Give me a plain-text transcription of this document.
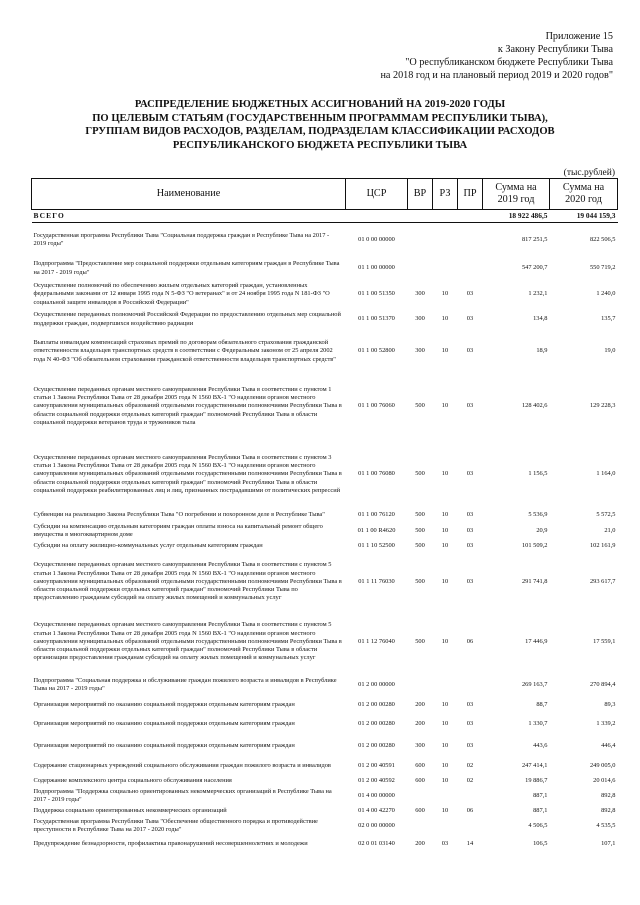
Приложение 15
к Закону Республики Тыва
"О республиканском бюджете Республики Тыва
на 2018 год и на плановый период 2019 и 2020 годов"
РАСПРЕДЕЛЕНИЕ БЮДЖЕТНЫХ АССИГНОВАНИЙ НА 2019-2020 ГОДЫ
ПО ЦЕЛЕВЫМ СТАТЬЯМ (ГОСУДАРСТВЕННЫМ ПРОГРАММАМ РЕСПУБЛИКИ ТЫВА),
ГРУППАМ ВИДОВ РАСХОДОВ, РАЗДЕЛАМ, ПОДРАЗДЕЛАМ КЛАССИФИКАЦИИ РАСХОДОВ
РЕСПУБЛИКАНСКОГО БЮДЖЕТА РЕСПУБЛИКИ ТЫВА
(тыс.рублей)
Наименование	ЦСР	ВР	РЗ	ПР	Сумма на 2019 год	Сумма на 2020 год
ВСЕГО					18 922 486,5	19 044 159,3
Государственная программа Республики Тыва "Социальная поддержка граждан в Республике Тыва на 2017 - 2019 годы"	01 0 00 00000				817 251,5	822 506,5
Подпрограмма "Предоставление мер социальной поддержки отдельным категориям граждан в Республике Тыва на 2017 - 2019 годы"	01 1 00 00000				547 200,7	550 719,2
Осуществление полномочий по обеспечению жильем отдельных категорий граждан, установленных федеральными законами от 12 января 1995 года N 5-ФЗ "О ветеранах" и от 24 ноября 1995 года N 181-ФЗ "О социальной защите инвалидов в Российской Федерации"	01 1 00 51350	300	10	03	1 232,1	1 240,0
Осуществление переданных полномочий Российской Федерации по предоставлению отдельных мер социальной поддержки граждан, подвергшихся воздействию радиации	01 1 00 51370	300	10	03	134,8	135,7
Выплаты инвалидам компенсаций страховых премий по договорам обязательного страхования гражданской ответственности владельцев транспортных средств в соответствии с Федеральным законом от 25 апреля 2002 года N 40-ФЗ "Об обязательном страховании гражданской ответственности владельцев транспортных средств"	01 1 00 52800	300	10	03	18,9	19,0
Осуществление переданных органам местного самоуправления Республики Тыва в соответствии с пунктом 1 статьи 1 Закона Республики Тыва от 28 декабря 2005 года N 1560 ВХ-1 "О наделении органов местного самоуправления муниципальных образований отдельными государственными полномочиями Республики Тыва в области социальной поддержки отдельных категорий граждан" полномочий Республики Тыва в области социальной поддержки ветеранов труда и тружеников тыла	01 1 00 76060	500	10	03	128 402,6	129 228,3
Осуществление переданных органам местного самоуправления Республики Тыва в соответствии с пунктом 3 статьи 1 Закона Республики Тыва от 28 декабря 2005 года N 1560 ВХ-1 "О наделении органов местного самоуправления муниципальных образований отдельными государственными полномочиями Республики Тыва в области социальной поддержки отдельных категорий граждан" полномочий Республики Тыва в области социальной поддержки реабилитированных лиц и лиц, признанных пострадавшими от политических репрессий	01 1 00 76080	500	10	03	1 156,5	1 164,0
Субвенции на реализацию Закона Республики Тыва "О погребении и похоронном деле в Республике Тыва"	01 1 00 76120	500	10	03	5 536,9	5 572,5
Субсидии на компенсацию отдельным категориям граждан оплаты взноса на капитальный ремонт общего имущества в многоквартирном доме	01 1 00 R4620	500	10	03	20,9	21,0
Субсидии на оплату жилищно-коммунальных услуг отдельным категориям граждан	01 1 10 52500	500	10	03	101 509,2	102 161,9
Осуществление переданных органам местного самоуправления Республики Тыва в соответствии с пунктом 5 статьи 1 Закона Республики Тыва от 28 декабря 2005 года N 1560 ВХ-1 "О наделении органов местного самоуправления муниципальных образований отдельными государственными полномочиями Республики Тыва в области социальной поддержки отдельных категорий граждан" полномочий Республики Тыва по предоставлению гражданам субсидий на оплату жилых помещений и коммунальных услуг	01 1 11 76030	500	10	03	291 741,8	293 617,7
Осуществление переданных органам местного самоуправления Республики Тыва в соответствии с пунктом 5 статьи 1 Закона Республики Тыва от 28 декабря 2005 года N 1560 ВХ-1 "О наделении органов местного самоуправления муниципальных образований отдельными государственными полномочиями Республики Тыва в области социальной поддержки отдельных категорий граждан" полномочий Республики Тыва в области организации предоставления гражданам субсидий на оплату жилых помещений и коммунальных услуг	01 1 12 76040	500	10	06	17 446,9	17 559,1
Подпрограмма "Социальная поддержка и обслуживание граждан пожилого возраста и инвалидов в Республике Тыва на 2017 - 2019 годы"	01 2 00 00000				269 163,7	270 894,4
Организация мероприятий по оказанию социальной поддержки отдельным категориям граждан	01 2 00 00280	200	10	03	88,7	89,3
Организация мероприятий по оказанию социальной поддержки отдельным категориям граждан	01 2 00 00280	200	10	03	1 330,7	1 339,2
Организация мероприятий по оказанию социальной поддержки отдельным категориям граждан	01 2 00 00280	300	10	03	443,6	446,4
Содержание стационарных учреждений социального обслуживания граждан пожилого возраста и инвалидов	01 2 00 40591	600	10	02	247 414,1	249 005,0
Содержание комплексного центра социального обслуживания населения	01 2 00 40592	600	10	02	19 886,7	20 014,6
Подпрограмма "Поддержка социально ориентированных некоммерческих организаций в Республике Тыва на 2017 - 2019 годы"	01 4 00 00000				887,1	892,8
Поддержка социально ориентированных некоммерческих организаций	01 4 00 42270	600	10	06	887,1	892,8
Государственная программа Республики Тыва "Обеспечение общественного порядка и противодействие преступности в Республике Тыва на 2017 - 2020 годы"	02 0 00 00000				4 506,5	4 535,5
Предупреждение безнадзорности, профилактика правонарушений несовершеннолетних и молодежи	02 0 01 03140	200	03	14	106,5	107,1
